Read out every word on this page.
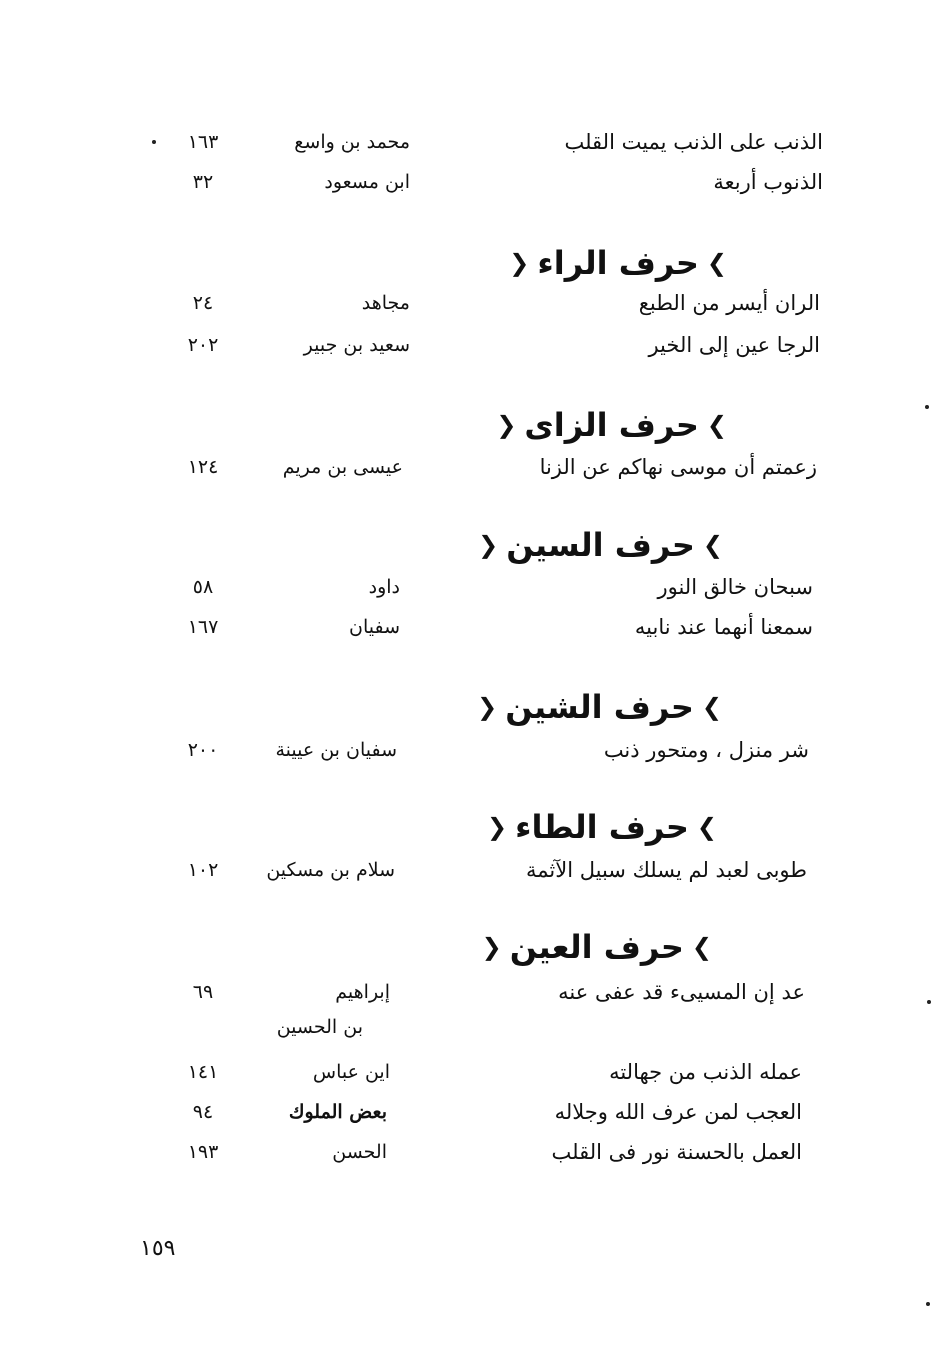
الذنب على الذنب يميت القلب
محمد بن واسع
١٦٣
الذنوب أربعة
ابن مسعود
٣٢
❯حرف الراء❮
الران أيسر من الطبع
مجاهد
٢٤
الرجا عين إلى الخير
سعيد بن جبير
٢٠٢
❯حرف الزاى❮
زعمتم أن موسى نهاكم عن الزنا
عيسى بن مريم
١٢٤
❯حرف السين❮
سبحان خالق النور
داود
٥٨
سمعنا أنهما عند نابيه
سفيان
١٦٧
❯حرف الشين❮
شر منزل ، ومتحور ذنب
سفيان بن عيينة
٢٠٠
❯حرف الطاء❮
طوبى لعبد لم يسلك سبيل الآثمة
سلام بن مسكين
١٠٢
❯حرف العين❮
عد إن المسيىء قد عفى عنه
إبراهيم
٦٩
بن الحسين
عمله الذنب من جهالته
اين عباس
١٤١
العجب لمن عرف الله وجلاله
بعض الملوك
٩٤
العمل بالحسنة نور فى القلب
الحسن
١٩٣
١٥٩
